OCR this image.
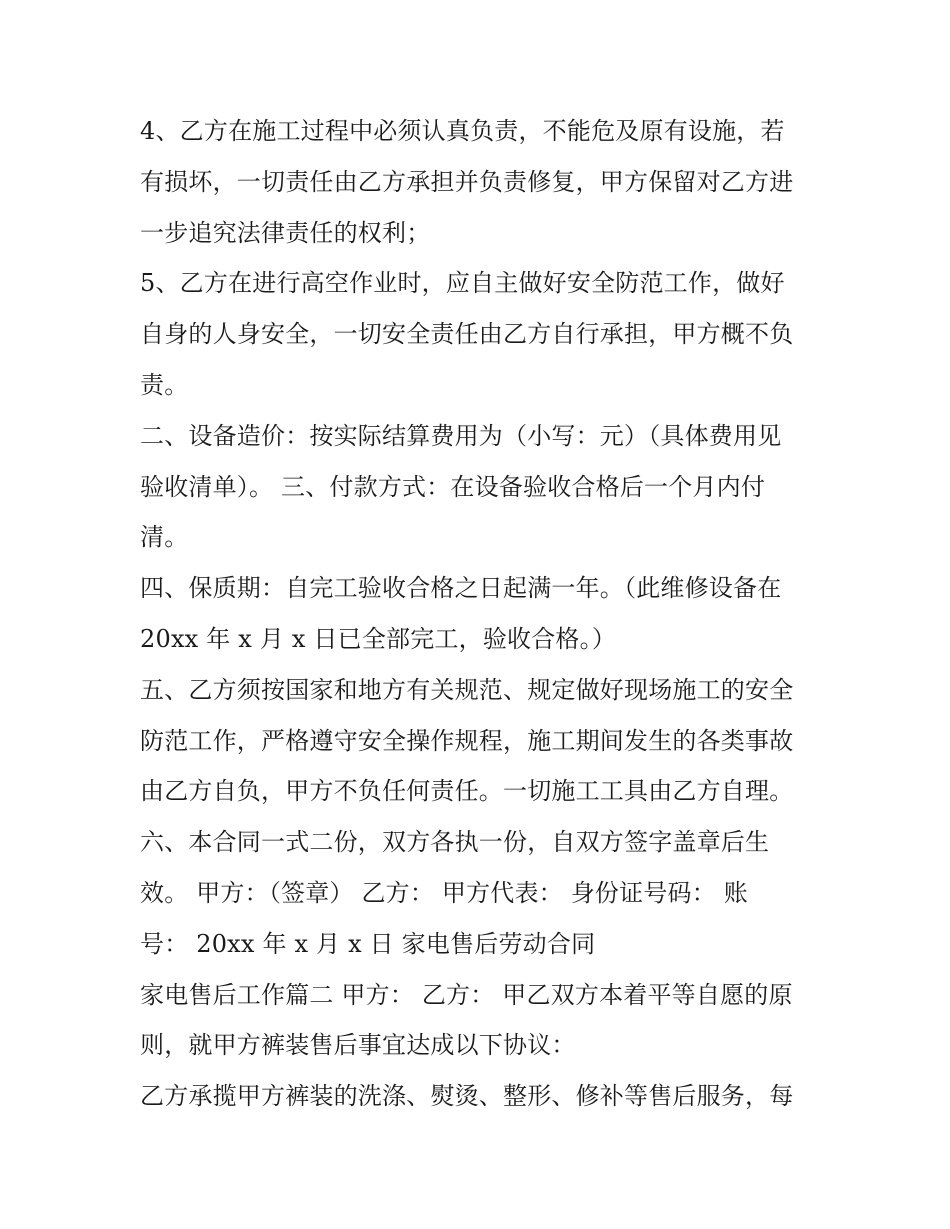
4、乙方在施工过程中必须认真负责，不能危及原有设施，若
有损坏，一切责任由乙方承担并负责修复，甲方保留对乙方进
一步追究法律责任的权利；
5、乙方在进行高空作业时，应自主做好安全防范工作，做好
自身的人身安全，一切安全责任由乙方自行承担，甲方概不负
责。
二、设备造价：按实际结算费用为（小写：元）（具体费用见
验收清单）。 三、付款方式：在设备验收合格后一个月内付
清。
四、保质期：自完工验收合格之日起满一年。（此维修设备在
20xx 年 x 月 x 日已全部完工，验收合格。）
五、乙方须按国家和地方有关规范、规定做好现场施工的安全
防范工作，严格遵守安全操作规程，施工期间发生的各类事故
由乙方自负，甲方不负任何责任。一切施工工具由乙方自理。
六、本合同一式二份，双方各执一份，自双方签字盖章后生
效。 甲方：（签章） 乙方： 甲方代表： 身份证号码： 账
号： 20xx 年 x 月 x 日 家电售后劳动合同
家电售后工作篇二 甲方： 乙方： 甲乙双方本着平等自愿的原
则，就甲方裤装售后事宜达成以下协议：
乙方承揽甲方裤装的洗涤、熨烫、整形、修补等售后服务，每
